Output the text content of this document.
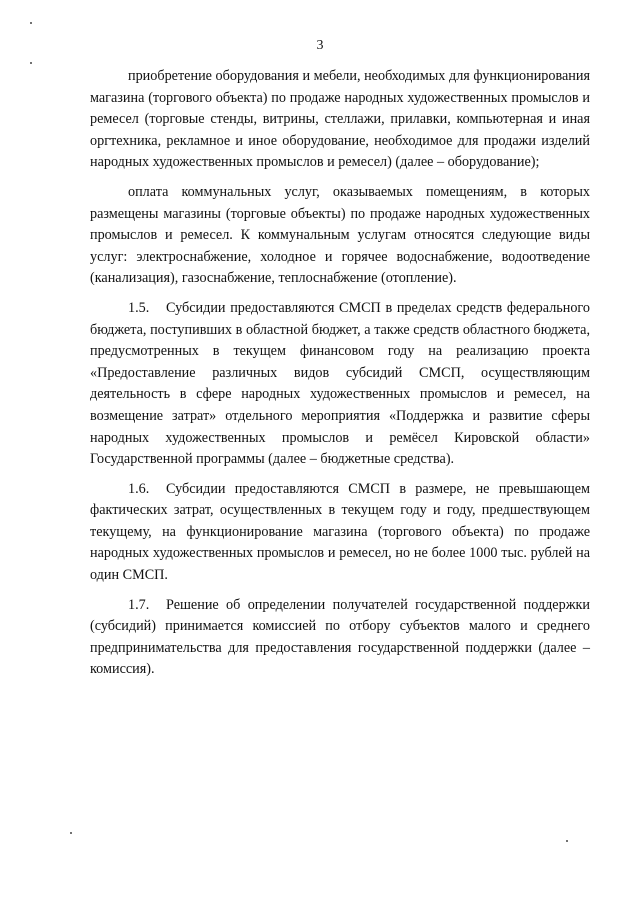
3

приобретение оборудования и мебели, необходимых для функционирования магазина (торгового объекта) по продаже народных художественных промыслов и ремесел (торговые стенды, витрины, стеллажи, прилавки, компьютерная и иная оргтехника, рекламное и иное оборудование, необходимое для продажи изделий народных художественных промыслов и ремесел) (далее – оборудование);

оплата коммунальных услуг, оказываемых помещениям, в которых размещены магазины (торговые объекты) по продаже народных художественных промыслов и ремесел. К коммунальным услугам относятся следующие виды услуг: электроснабжение, холодное и горячее водоснабжение, водоотведение (канализация), газоснабжение, теплоснабжение (отопление).

1.5. Субсидии предоставляются СМСП в пределах средств федерального бюджета, поступивших в областной бюджет, а также средств областного бюджета, предусмотренных в текущем финансовом году на реализацию проекта «Предоставление различных видов субсидий СМСП, осуществляющим деятельность в сфере народных художественных промыслов и ремесел, на возмещение затрат» отдельного мероприятия «Поддержка и развитие сферы народных художественных промыслов и ремёсел Кировской области» Государственной программы (далее – бюджетные средства).

1.6. Субсидии предоставляются СМСП в размере, не превышающем фактических затрат, осуществленных в текущем году и году, предшествующем текущему, на функционирование магазина (торгового объекта) по продаже народных художественных промыслов и ремесел, но не более 1000 тыс. рублей на один СМСП.

1.7. Решение об определении получателей государственной поддержки (субсидий) принимается комиссией по отбору субъектов малого и среднего предпринимательства для предоставления государственной поддержки (далее – комиссия).
